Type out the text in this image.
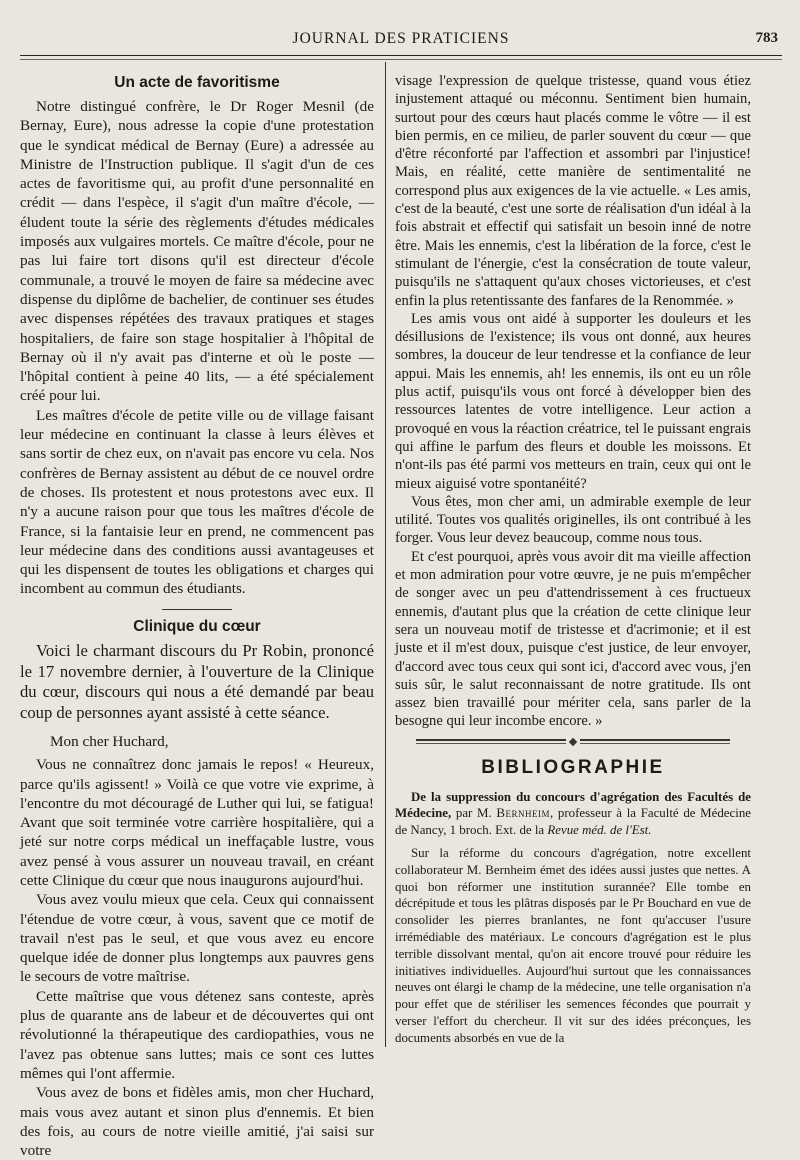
JOURNAL DES PRATICIENS	783
Un acte de favoritisme

Notre distingué confrère, le Dr Roger Mesnil (de Bernay, Eure), nous adresse la copie d'une protestation que le syndicat médical de Bernay (Eure) a adressée au Ministre de l'Instruction publique. Il s'agit d'un de ces actes de favoritisme qui, au profit d'une personnalité en crédit — dans l'espèce, il s'agit d'un maître d'école, — éludent toute la série des règlements d'études médicales imposés aux vulgaires mortels. Ce maître d'école, pour ne pas lui faire tort disons qu'il est directeur d'école communale, a trouvé le moyen de faire sa médecine avec dispense du diplôme de bachelier, de continuer ses études avec dispenses répétées des travaux pratiques et stages hospitaliers, de faire son stage hospitalier à l'hôpital de Bernay où il n'y avait pas d'interne et où le poste — l'hôpital contient à peine 40 lits, — a été spécialement créé pour lui.

Les maîtres d'école de petite ville ou de village faisant leur médecine en continuant la classe à leurs élèves et sans sortir de chez eux, on n'avait pas encore vu cela. Nos confrères de Bernay assistent au début de ce nouvel ordre de choses. Ils protestent et nous protestons avec eux. Il n'y a aucune raison pour que tous les maîtres d'école de France, si la fantaisie leur en prend, ne commencent pas leur médecine dans des conditions aussi avantageuses et qui les dispensent de toutes les obligations et charges qui incombent au commun des étudiants.

Clinique du cœur

Voici le charmant discours du Pr Robin, prononcé le 17 novembre dernier, à l'ouverture de la Clinique du cœur, discours qui nous a été demandé par beau coup de personnes ayant assisté à cette séance.

Mon cher Huchard,

Vous ne connaîtrez donc jamais le repos! « Heureux, parce qu'ils agissent! » Voilà ce que votre vie exprime, à l'encontre du mot découragé de Luther qui lui, se fatigua! Avant que soit terminée votre carrière hospitalière, qui a jeté sur notre corps médical un ineffaçable lustre, vous avez pensé à vous assurer un nouveau travail, en créant cette Clinique du cœur que nous inaugurons aujourd'hui.

Vous avez voulu mieux que cela. Ceux qui connaissent l'étendue de votre cœur, à vous, savent que ce motif de travail n'est pas le seul, et que vous avez eu encore quelque idée de donner plus longtemps aux pauvres gens le secours de votre maîtrise.

Cette maîtrise que vous détenez sans conteste, après plus de quarante ans de labeur et de découvertes qui ont révolutionné la thérapeutique des cardiopathies, vous ne l'avez pas obtenue sans luttes; mais ce sont ces luttes mêmes qui l'ont affermie.

Vous avez de bons et fidèles amis, mon cher Huchard, mais vous avez autant et sinon plus d'ennemis. Et bien des fois, au cours de notre vieille amitié, j'ai saisi sur votre

visage l'expression de quelque tristesse, quand vous étiez injustement attaqué ou méconnu. Sentiment bien humain, surtout pour des cœurs haut placés comme le vôtre — il est bien permis, en ce milieu, de parler souvent du cœur — que d'être réconforté par l'affection et assombri par l'injustice! Mais, en réalité, cette manière de sentimentalité ne correspond plus aux exigences de la vie actuelle. « Les amis, c'est de la beauté, c'est une sorte de réalisation d'un idéal à la fois abstrait et effectif qui satisfait un besoin inné de notre être. Mais les ennemis, c'est la libération de la force, c'est le stimulant de l'énergie, c'est la consécration de toute valeur, puisqu'ils ne s'attaquent qu'aux choses victorieuses, et c'est enfin la plus retentissante des fanfares de la Renommée. »

Les amis vous ont aidé à supporter les douleurs et les désillusions de l'existence; ils vous ont donné, aux heures sombres, la douceur de leur tendresse et la confiance de leur appui. Mais les ennemis, ah! les ennemis, ils ont eu un rôle plus actif, puisqu'ils vous ont forcé à développer bien des ressources latentes de votre intelligence. Leur action a provoqué en vous la réaction créatrice, tel le puissant engrais qui affine le parfum des fleurs et double les moissons. Et n'ont-ils pas été parmi vos metteurs en train, ceux qui ont le mieux aiguisé votre spontanéité?

Vous êtes, mon cher ami, un admirable exemple de leur utilité. Toutes vos qualités originelles, ils ont contribué à les forger. Vous leur devez beaucoup, comme nous tous.

Et c'est pourquoi, après vous avoir dit ma vieille affection et mon admiration pour votre œuvre, je ne puis m'empêcher de songer avec un peu d'attendrissement à ces fructueux ennemis, d'autant plus que la création de cette clinique leur sera un nouveau motif de tristesse et d'acrimonie; et il est juste et il m'est doux, puisque c'est justice, de leur envoyer, d'accord avec tous ceux qui sont ici, d'accord avec vous, j'en suis sûr, le salut reconnaissant de notre gratitude. Ils ont assez bien travaillé pour mériter cela, sans parler de la besogne qui leur incombe encore. »

BIBLIOGRAPHIE

De la suppression du concours d'agrégation des Facultés de Médecine, par M. Bernheim, professeur à la Faculté de Médecine de Nancy, 1 broch. Ext. de la Revue méd. de l'Est.

Sur la réforme du concours d'agrégation, notre excellent collaborateur M. Bernheim émet des idées aussi justes que nettes. A quoi bon réformer une institution surannée? Elle tombe en décrépitude et tous les plâtras disposés par le Pr Bouchard en vue de consolider les pierres branlantes, ne font qu'accuser l'usure irrémédiable des matériaux. Le concours d'agrégation est le plus terrible dissolvant mental, qu'on ait encore trouvé pour réduire les initiatives individuelles. Aujourd'hui surtout que les connaissances neuves ont élargi le champ de la médecine, une telle organisation n'a pour effet que de stériliser les semences fécondes que pourrait y verser l'effort du chercheur. Il vit sur des idées préconçues, les documents absorbés en vue de la
